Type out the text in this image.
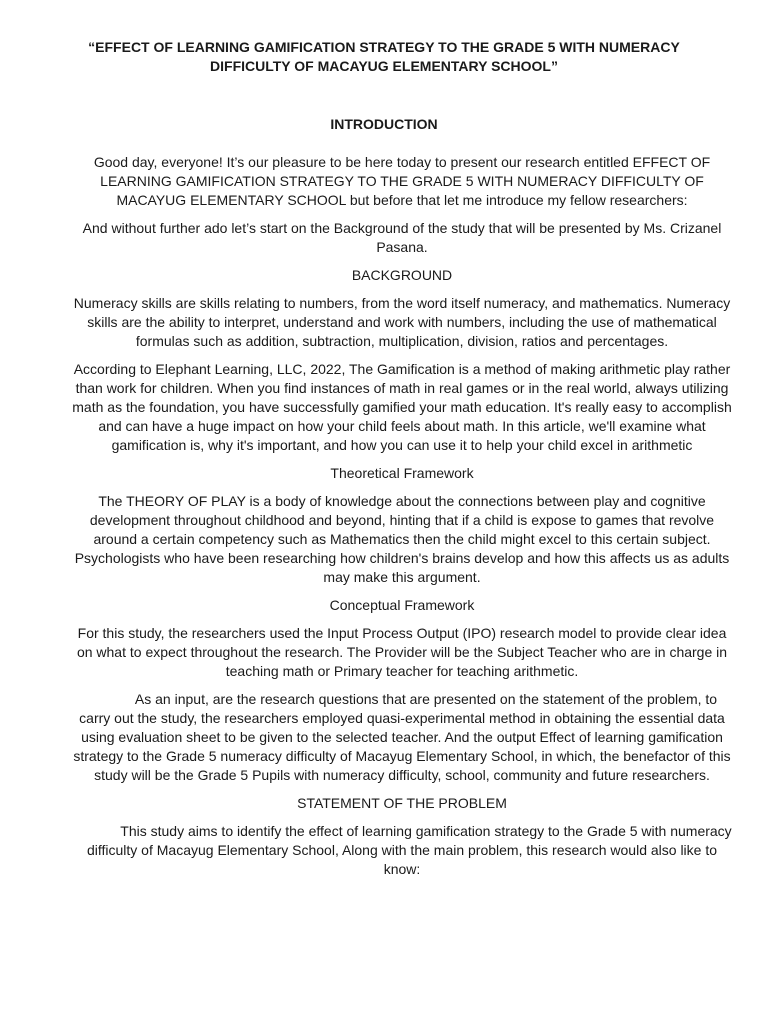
“EFFECT OF LEARNING GAMIFICATION STRATEGY TO THE GRADE 5 WITH NUMERACY DIFFICULTY OF MACAYUG ELEMENTARY SCHOOL”
INTRODUCTION

Good day, everyone! It’s our pleasure to be here today to present our research entitled EFFECT OF LEARNING GAMIFICATION STRATEGY TO THE GRADE 5 WITH NUMERACY DIFFICULTY OF MACAYUG ELEMENTARY SCHOOL but before that let me introduce my fellow researchers:

And without further ado let’s start on the Background of the study that will be presented by Ms. Crizanel Pasana.

BACKGROUND

Numeracy skills are skills relating to numbers, from the word itself numeracy, and mathematics. Numeracy skills are the ability to interpret, understand and work with numbers, including the use of mathematical formulas such as addition, subtraction, multiplication, division, ratios and percentages.

According to Elephant Learning, LLC, 2022, The Gamification is a method of making arithmetic play rather than work for children. When you find instances of math in real games or in the real world, always utilizing math as the foundation, you have successfully gamified your math education. It's really easy to accomplish and can have a huge impact on how your child feels about math. In this article, we'll examine what gamification is, why it's important, and how you can use it to help your child excel in arithmetic

Theoretical Framework

The THEORY OF PLAY is a body of knowledge about the connections between play and cognitive development throughout childhood and beyond, hinting that if a child is expose to games that revolve around a certain competency such as Mathematics then the child might excel to this certain subject. Psychologists who have been researching how children's brains develop and how this affects us as adults may make this argument.

Conceptual Framework

For this study, the researchers used the Input Process Output (IPO) research model to provide clear idea on what to expect throughout the research. The Provider will be the Subject Teacher who are in charge in teaching math or Primary teacher for teaching arithmetic.

As an input, are the research questions that are presented on the statement of the problem, to carry out the study, the researchers employed quasi-experimental method in obtaining the essential data using evaluation sheet to be given to the selected teacher. And the output Effect of learning gamification strategy to the Grade 5 numeracy difficulty of Macayug Elementary School, in which, the benefactor of this study will be the Grade 5 Pupils with numeracy difficulty, school, community and future researchers.

STATEMENT OF THE PROBLEM

This study aims to identify the effect of learning gamification strategy to the Grade 5 with numeracy difficulty of Macayug Elementary School, Along with the main problem, this research would also like to know:
